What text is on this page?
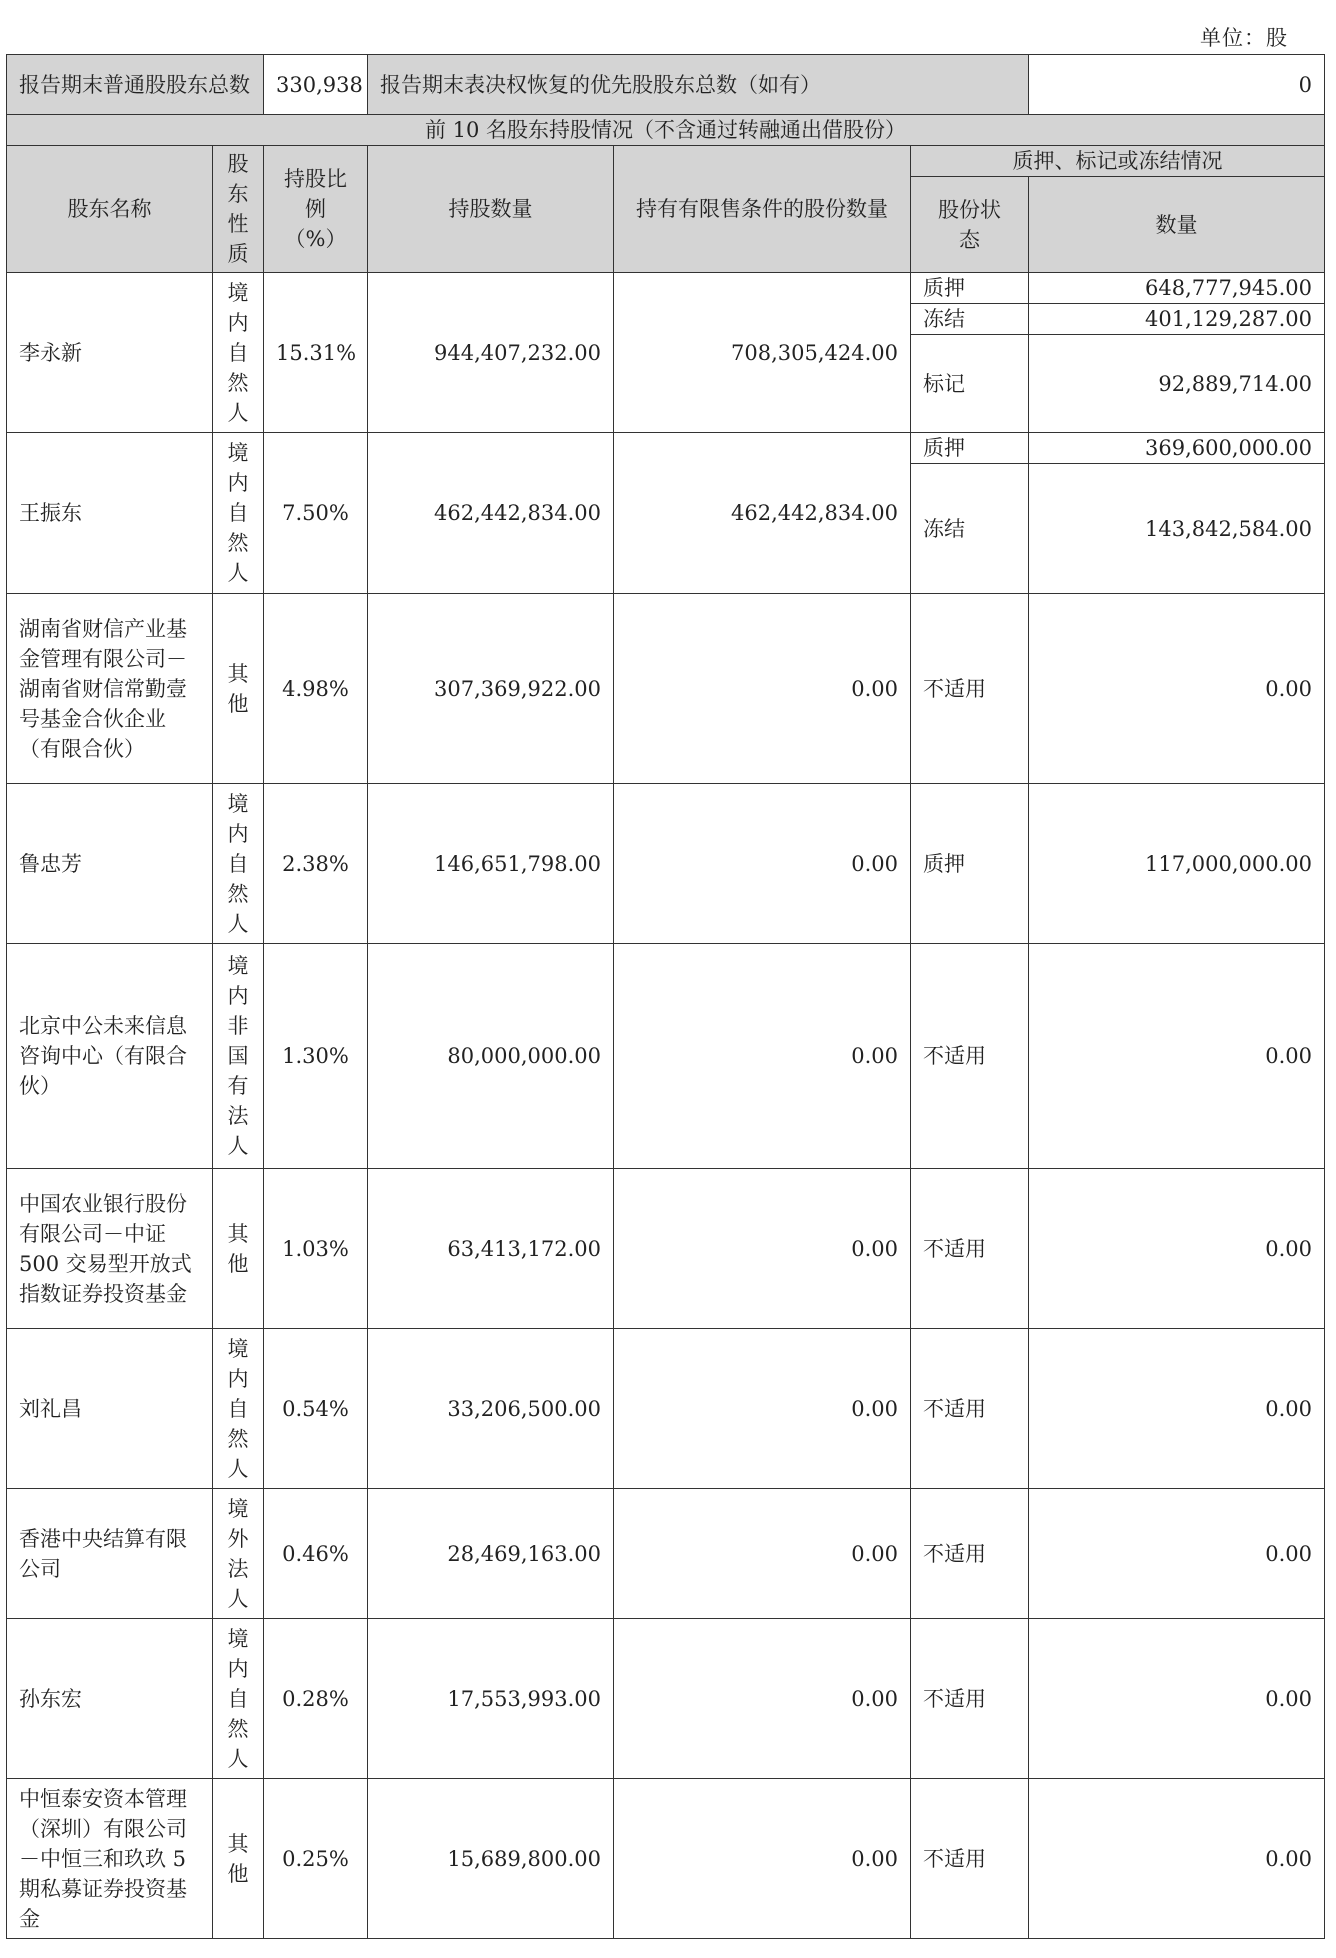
单位：股
报告期末普通股股东总数		330,938	报告期末表决权恢复的优先股股东总数（如有）			0
前 10 名股东持股情况（不含通过转融通出借股份）						
股东名称	股东性质	持股比例（%）	持股数量	持有有限售条件的股份数量	质押、标记或冻结情况	
					股份状态	数量
李永新	境内自然人	15.31%	944,407,232.00	708,305,424.00	质押	648,777,945.00
					冻结	401,129,287.00
					标记	92,889,714.00
王振东	境内自然人	7.50%	462,442,834.00	462,442,834.00	质押	369,600,000.00
					冻结	143,842,584.00
湖南省财信产业基金管理有限公司－湖南省财信常勤壹号基金合伙企业（有限合伙）	其他	4.98%	307,369,922.00	0.00	不适用	0.00
鲁忠芳	境内自然人	2.38%	146,651,798.00	0.00	质押	117,000,000.00
北京中公未来信息咨询中心（有限合伙）	境内非国有法人	1.30%	80,000,000.00	0.00	不适用	0.00
中国农业银行股份有限公司－中证 500 交易型开放式指数证券投资基金	其他	1.03%	63,413,172.00	0.00	不适用	0.00
刘礼昌	境内自然人	0.54%	33,206,500.00	0.00	不适用	0.00
香港中央结算有限公司	境外法人	0.46%	28,469,163.00	0.00	不适用	0.00
孙东宏	境内自然人	0.28%	17,553,993.00	0.00	不适用	0.00
中恒泰安资本管理（深圳）有限公司－中恒三和玖玖 5 期私募证券投资基金	其他	0.25%	15,689,800.00	0.00	不适用	0.00
